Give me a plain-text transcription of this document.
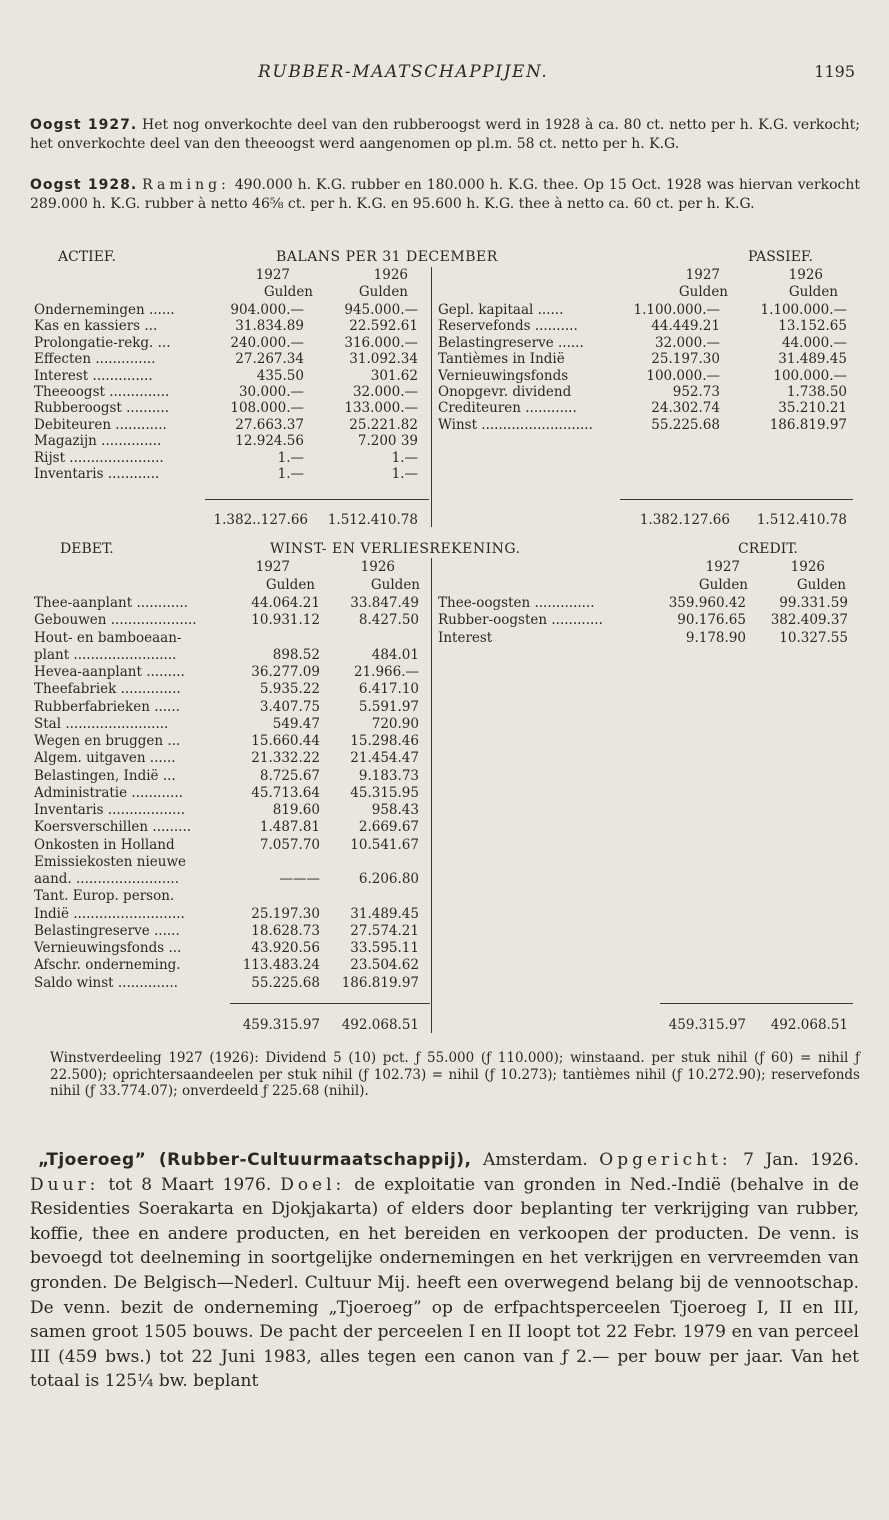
RUBBER-MAATSCHAPPIJEN.	1195
Oogst 1927. Het nog onverkochte deel van den rubberoogst werd in 1928 à ca. 80 ct. netto per h. K.G. verkocht; het onverkochte deel van den theeoogst werd aangenomen op pl.m. 58 ct. netto per h. K.G.
Oogst 1928. Raming: 490.000 h. K.G. rubber en 180.000 h. K.G. thee. Op 15 Oct. 1928 was hiervan verkocht 289.000 h. K.G. rubber à netto 46⅝ ct. per h. K.G. en 95.600 h. K.G. thee à netto ca. 60 ct. per h. K.G.
ACTIEF.	BALANS PER 31 DECEMBER	PASSIEF.
1927	1926
Gulden	Gulden
1927	1926
Gulden	Gulden
Ondernemingen ......	904.000.—	945.000.—
Kas en kassiers ...	31.834.89	22.592.61
Prolongatie-rekg. ...	240.000.—	316.000.—
Effecten ..............	27.267.34	31.092.34
Interest ..............	435.50	301.62
Theeoogst ..............	30.000.—	32.000.—
Rubberoogst ..........	108.000.—	133.000.—
Debiteuren ............	27.663.37	25.221.82
Magazijn ..............	12.924.56	7.200 39
Rijst ......................	1.—	1.—
Inventaris ............	1.—	1.—
Gepl. kapitaal ......	1.100.000.—	1.100.000.—
Reservefonds ..........	44.449.21	13.152.65
Belastingreserve ......	32.000.—	44.000.—
Tantièmes in Indië	25.197.30	31.489.45
Vernieuwingsfonds	100.000.—	100.000.—
Onopgevr. dividend	952.73	1.738.50
Crediteuren ............	24.302.74	35.210.21
Winst ..........................	55.225.68	186.819.97
1.382..127.66	1.512.410.78	1.382.127.66	1.512.410.78
DEBET.	WINST- EN VERLIESREKENING.	CREDIT.
1927	1926
Gulden	Gulden
1927	1926
Gulden	Gulden
Thee-aanplant ............	44.064.21	33.847.49
Gebouwen ....................	10.931.12	8.427.50
Hout- en bamboeaan-
plant ........................	898.52	484.01
Hevea-aanplant .........	36.277.09	21.966.—
Theefabriek ..............	5.935.22	6.417.10
Rubberfabrieken ......	3.407.75	5.591.97
Stal ........................	549.47	720.90
Wegen en bruggen ...	15.660.44	15.298.46
Algem. uitgaven ......	21.332.22	21.454.47
Belastingen, Indië ...	8.725.67	9.183.73
Administratie ............	45.713.64	45.315.95
Inventaris ..................	819.60	958.43
Koersverschillen .........	1.487.81	2.669.67
Onkosten in Holland	7.057.70	10.541.67
Emissiekosten nieuwe
aand. ........................	———	6.206.80
Tant. Europ. person.
Indië ..........................	25.197.30	31.489.45
Belastingreserve ......	18.628.73	27.574.21
Vernieuwingsfonds ...	43.920.56	33.595.11
Afschr. onderneming.	113.483.24	23.504.62
Saldo winst ..............	55.225.68	186.819.97
Thee-oogsten ..............	359.960.42	99.331.59
Rubber-oogsten ............	90.176.65	382.409.37
Interest	9.178.90	10.327.55
459.315.97	492.068.51	459.315.97	492.068.51
Winstverdeeling 1927 (1926): Dividend 5 (10) pct. ƒ 55.000 (ƒ 110.000); winstaand. per stuk nihil (ƒ 60) = nihil ƒ 22.500); oprichtersaandeelen per stuk nihil (ƒ 102.73) = nihil (ƒ 10.273); tantièmes nihil (ƒ 10.272.90); reservefonds nihil (ƒ 33.774.07); onverdeeld ƒ 225.68 (nihil).
„Tjoeroeg” (Rubber-Cultuurmaatschappij), Amsterdam. Opgericht: 7 Jan. 1926. Duur: tot 8 Maart 1976. Doel: de exploitatie van gronden in Ned.-Indië (behalve in de Residenties Soerakarta en Djokjakarta) of elders door beplanting ter verkrijging van rubber, koffie, thee en andere producten, en het bereiden en verkoopen der producten. De venn. is bevoegd tot deelneming in soortgelijke ondernemingen en het verkrijgen en vervreemden van gronden. De Belgisch—Nederl. Cultuur Mij. heeft een overwegend belang bij de vennootschap. De venn. bezit de onderneming „Tjoeroeg” op de erfpachtsperceelen Tjoeroeg I, II en III, samen groot 1505 bouws. De pacht der perceelen I en II loopt tot 22 Febr. 1979 en van perceel III (459 bws.) tot 22 Juni 1983, alles tegen een canon van ƒ 2.— per bouw per jaar. Van het totaal is 125¼ bw. beplant
